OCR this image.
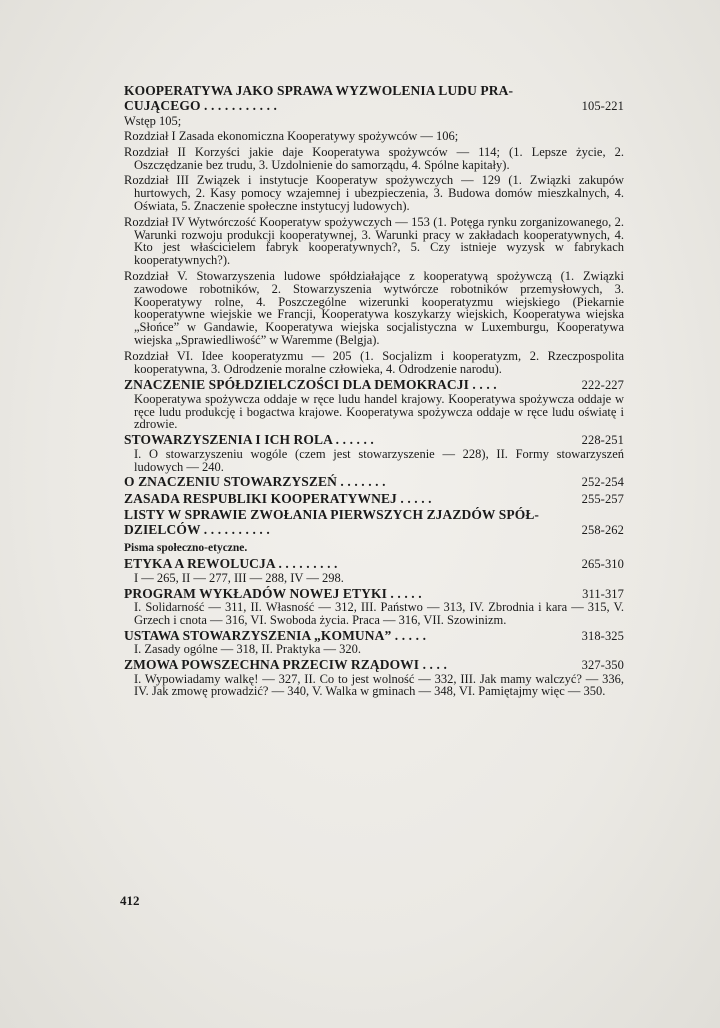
KOOPERATYWA JAKO SPRAWA WYZWOLENIA LUDU PRA-CUJĄCEGO . . . . . . . . . . .	105-221
Wstęp 105;
Rozdział I Zasada ekonomiczna Kooperatywy spożywców — 106;
Rozdział II Korzyści jakie daje Kooperatywa spożywców — 114; (1. Lepsze życie, 2. Oszczędzanie bez trudu, 3. Uzdolnienie do samorządu, 4. Spólne kapitały).
Rozdział III Związek i instytucje Kooperatyw spożywczych — 129 (1. Związki zakupów hurtowych, 2. Kasy pomocy wzajemnej i ubezpieczenia, 3. Budowa domów mieszkalnych, 4. Oświata, 5. Znaczenie społeczne instytucyj ludowych).
Rozdział IV Wytwórczość Kooperatyw spożywczych — 153 (1. Potęga rynku zorganizowanego, 2. Warunki rozwoju produkcji kooperatywnej, 3. Warunki pracy w zakładach kooperatywnych, 4. Kto jest właścicielem fabryk kooperatywnych?, 5. Czy istnieje wyzysk w fabrykach kooperatywnych?).
Rozdział V. Stowarzyszenia ludowe spółdziałające z kooperatywą spożywczą (1. Związki zawodowe robotników, 2. Stowarzyszenia wytwórcze robotników przemysłowych, 3. Kooperatywy rolne, 4. Poszczególne wizerunki kooperatyzmu wiejskiego (Piekarnie kooperatywne wiejskie we Francji, Kooperatywa koszykarzy wiejskich, Kooperatywa wiejska „Słońce” w Gandawie, Kooperatywa wiejska socjalistyczna w Luxemburgu, Kooperatywa wiejska „Sprawiedliwość” w Waremme (Belgja).
Rozdział VI. Idee kooperatyzmu — 205 (1. Socjalizm i kooperatyzm, 2. Rzeczpospolita kooperatywna, 3. Odrodzenie moralne człowieka, 4. Odrodzenie narodu).
ZNACZENIE SPÓŁDZIELCZOŚCI DLA DEMOKRACJI . . . .	222-227
Kooperatywa spożywcza oddaje w ręce ludu handel krajowy. Kooperatywa spożywcza oddaje w ręce ludu produkcję i bogactwa krajowe. Kooperatywa spożywcza oddaje w ręce ludu oświatę i zdrowie.
STOWARZYSZENIA I ICH ROLA . . . . . .	228-251
I. O stowarzyszeniu wogóle (czem jest stowarzyszenie — 228), II. Formy stowarzyszeń ludowych — 240.
O ZNACZENIU STOWARZYSZEŃ . . . . . . .	252-254
ZASADA RESPUBLIKI KOOPERATYWNEJ . . . . .	255-257
LISTY W SPRAWIE ZWOŁANIA PIERWSZYCH ZJAZDÓW SPÓŁ-DZIELCÓW . . . . . . . . . .	258-262
Pisma społeczno-etyczne.
ETYKA A REWOLUCJA . . . . . . . . .	265-310
I — 265, II — 277, III — 288, IV — 298.
PROGRAM WYKŁADÓW NOWEJ ETYKI . . . . .	311-317
I. Solidarność — 311, II. Własność — 312, III. Państwo — 313, IV. Zbrodnia i kara — 315, V. Grzech i cnota — 316, VI. Swoboda życia. Praca — 316, VII. Szowinizm.
USTAWA STOWARZYSZENIA „KOMUNA” . . . . .	318-325
I. Zasady ogólne — 318, II. Praktyka — 320.
ZMOWA POWSZECHNA PRZECIW RZĄDOWI . . . .	327-350
I. Wypowiadamy walkę! — 327, II. Co to jest wolność — 332, III. Jak mamy walczyć? — 336, IV. Jak zmowę prowadzić? — 340, V. Walka w gminach — 348, VI. Pamiętajmy więc — 350.
412
